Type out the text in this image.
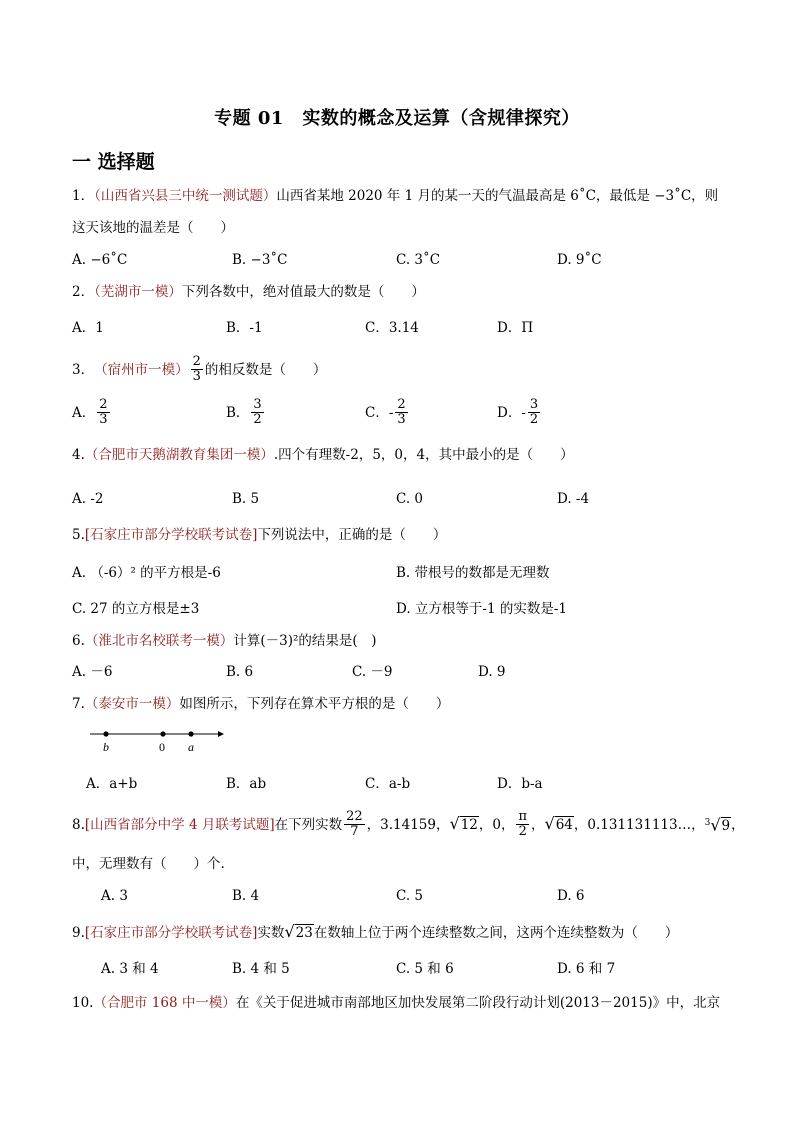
专题 01　实数的概念及运算（含规律探究）
一 选择题
1．（山西省兴县三中统一测试题）山西省某地 2020 年 1 月的某一天的气温最高是 6˚C，最低是 −3˚C，则
这天该地的温差是（　　）
A. −6˚C	B. −3˚C	C. 3˚C	D. 9˚C
2．（芜湖市一模）下列各数中，绝对值最大的数是（　　）
A．1	B．-1	C．3.14	D．Π
3． （宿州市一模） $\frac{2}{3}$ 的相反数是（　　）
A． $\frac{2}{3}$	B． $\frac{3}{2}$	C．- $\frac{2}{3}$	D．- $\frac{3}{2}$
4.（合肥市天鹅湖教育集团一模）.四个有理数-2，5，0，4，其中最小的是（　　）
A. -2	B. 5	C. 0	D. -4
5.[石家庄市部分学校联考试卷]下列说法中，正确的是（　　）
A. （-6）² 的平方根是-6	B. 带根号的数都是无理数
C. 27 的立方根是±3	D. 立方根等于-1 的实数是-1
6.（淮北市名校联考一模）计算(－3)²的结果是(　)
A. －6	B. 6	C. －9	D. 9
7.（泰安市一模）如图所示，下列存在算术平方根的是（　　）
b	0 a
A．a+b	B．ab	C．a-b	D．b-a
8. [山西省部分中学 4 月联考试题] 在下列实数 $\frac{22}{7}$ ，3.14159， √12 ，0， $\frac{\pi}{2}$ ， √64 ，0.131131113…， $^3$√9 ，
中，无理数有（　　）个.
A. 3	B. 4	C. 5	D. 6
9. [石家庄市部分学校联考试卷] 实数 √23 在数轴上位于两个连续整数之间，这两个连续整数为（　　）
A. 3 和 4	B. 4 和 5	C. 5 和 6	D. 6 和 7
10.（合肥市 168 中一模）在《关于促进城市南部地区加快发展第二阶段行动计划(2013－2015)》中，北京
